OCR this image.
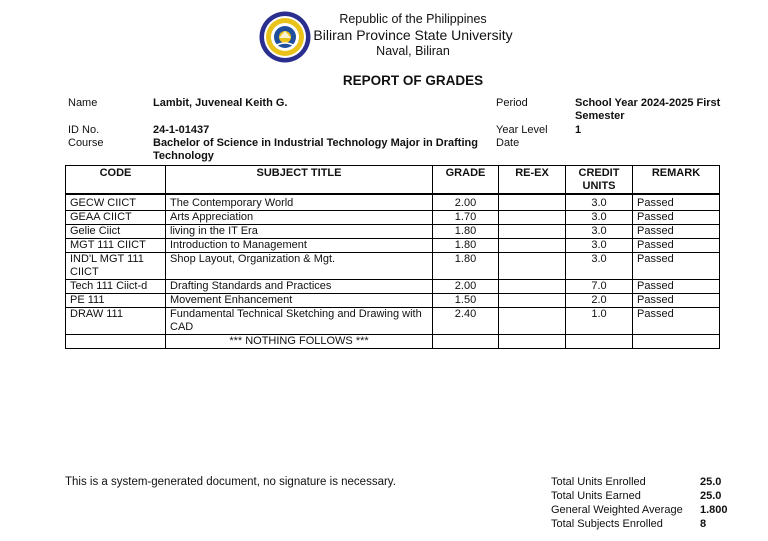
Republic of the Philippines
Biliran Province State University
Naval, Biliran
REPORT OF GRADES
Name	Lambit, Juveneal Keith G.
ID No.	24-1-01437
Course	Bachelor of Science in Industrial Technology Major in Drafting Technology
Period	School Year 2024-2025 First Semester
Year Level 1
Date
CODE	SUBJECT TITLE	GRADE	RE-EX	CREDIT UNITS	REMARK
GECW CIICT	The Contemporary World	2.00		3.0	Passed
GEAA CIICT	Arts Appreciation	1.70		3.0	Passed
Gelie Ciict	living in the IT Era	1.80		3.0	Passed
MGT 111 CIICT	Introduction to Management	1.80		3.0	Passed
IND'L MGT 111 CIICT	Shop Layout, Organization & Mgt.	1.80		3.0	Passed
Tech 111 Ciict-d	Drafting Standards and Practices	2.00		7.0	Passed
PE 111	Movement Enhancement	1.50		2.0	Passed
DRAW 111	Fundamental Technical Sketching and Drawing with CAD	2.40		1.0	Passed
	*** NOTHING FOLLOWS ***				
This is a system-generated document, no signature is necessary.	Total Units Enrolled	25.0
Total Units Earned	25.0
General Weighted Average 1.800
Total Subjects Enrolled	8
